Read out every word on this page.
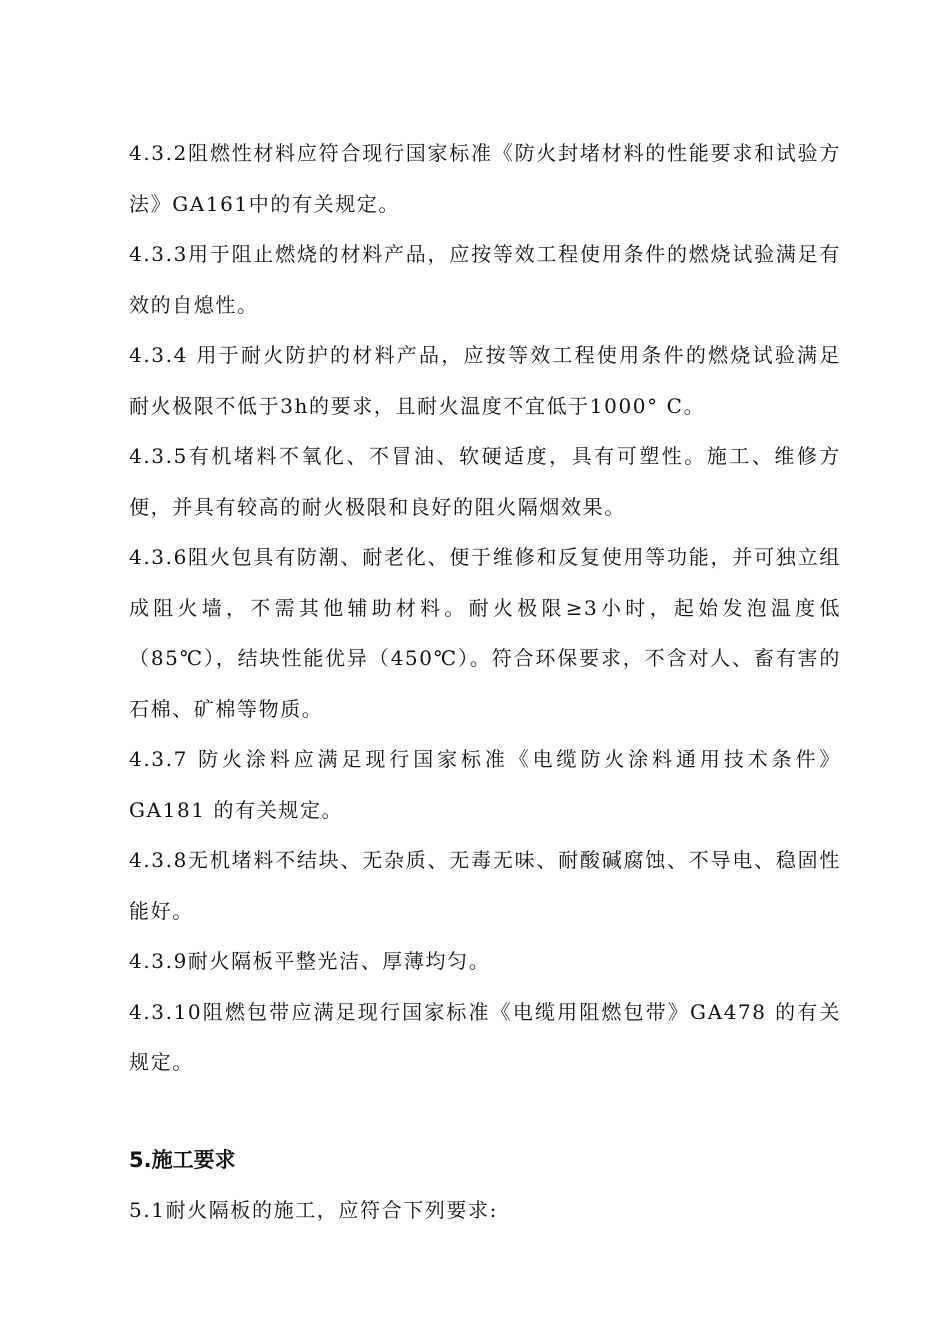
4.3.2阻燃性材料应符合现行国家标准《防火封堵材料的性能要求和试验方法》GA161中的有关规定。

4.3.3用于阻止燃烧的材料产品，应按等效工程使用条件的燃烧试验满足有效的自熄性。

4.3.4 用于耐火防护的材料产品，应按等效工程使用条件的燃烧试验满足耐火极限不低于3h的要求，且耐火温度不宜低于1000° C。

4.3.5有机堵料不氧化、不冒油、软硬适度，具有可塑性。施工、维修方便，并具有较高的耐火极限和良好的阻火隔烟效果。

4.3.6阻火包具有防潮、耐老化、便于维修和反复使用等功能，并可独立组成阻火墙，不需其他辅助材料。耐火极限≥3小时，起始发泡温度低（85℃），结块性能优异（450℃）。符合环保要求，不含对人、畜有害的石棉、矿棉等物质。

4.3.7 防火涂料应满足现行国家标准《电缆防火涂料通用技术条件》GA181 的有关规定。

4.3.8无机堵料不结块、无杂质、无毒无味、耐酸碱腐蚀、不导电、稳固性能好。

4.3.9耐火隔板平整光洁、厚薄均匀。

4.3.10阻燃包带应满足现行国家标准《电缆用阻燃包带》GA478 的有关规定。

5.施工要求

5.1耐火隔板的施工，应符合下列要求:
